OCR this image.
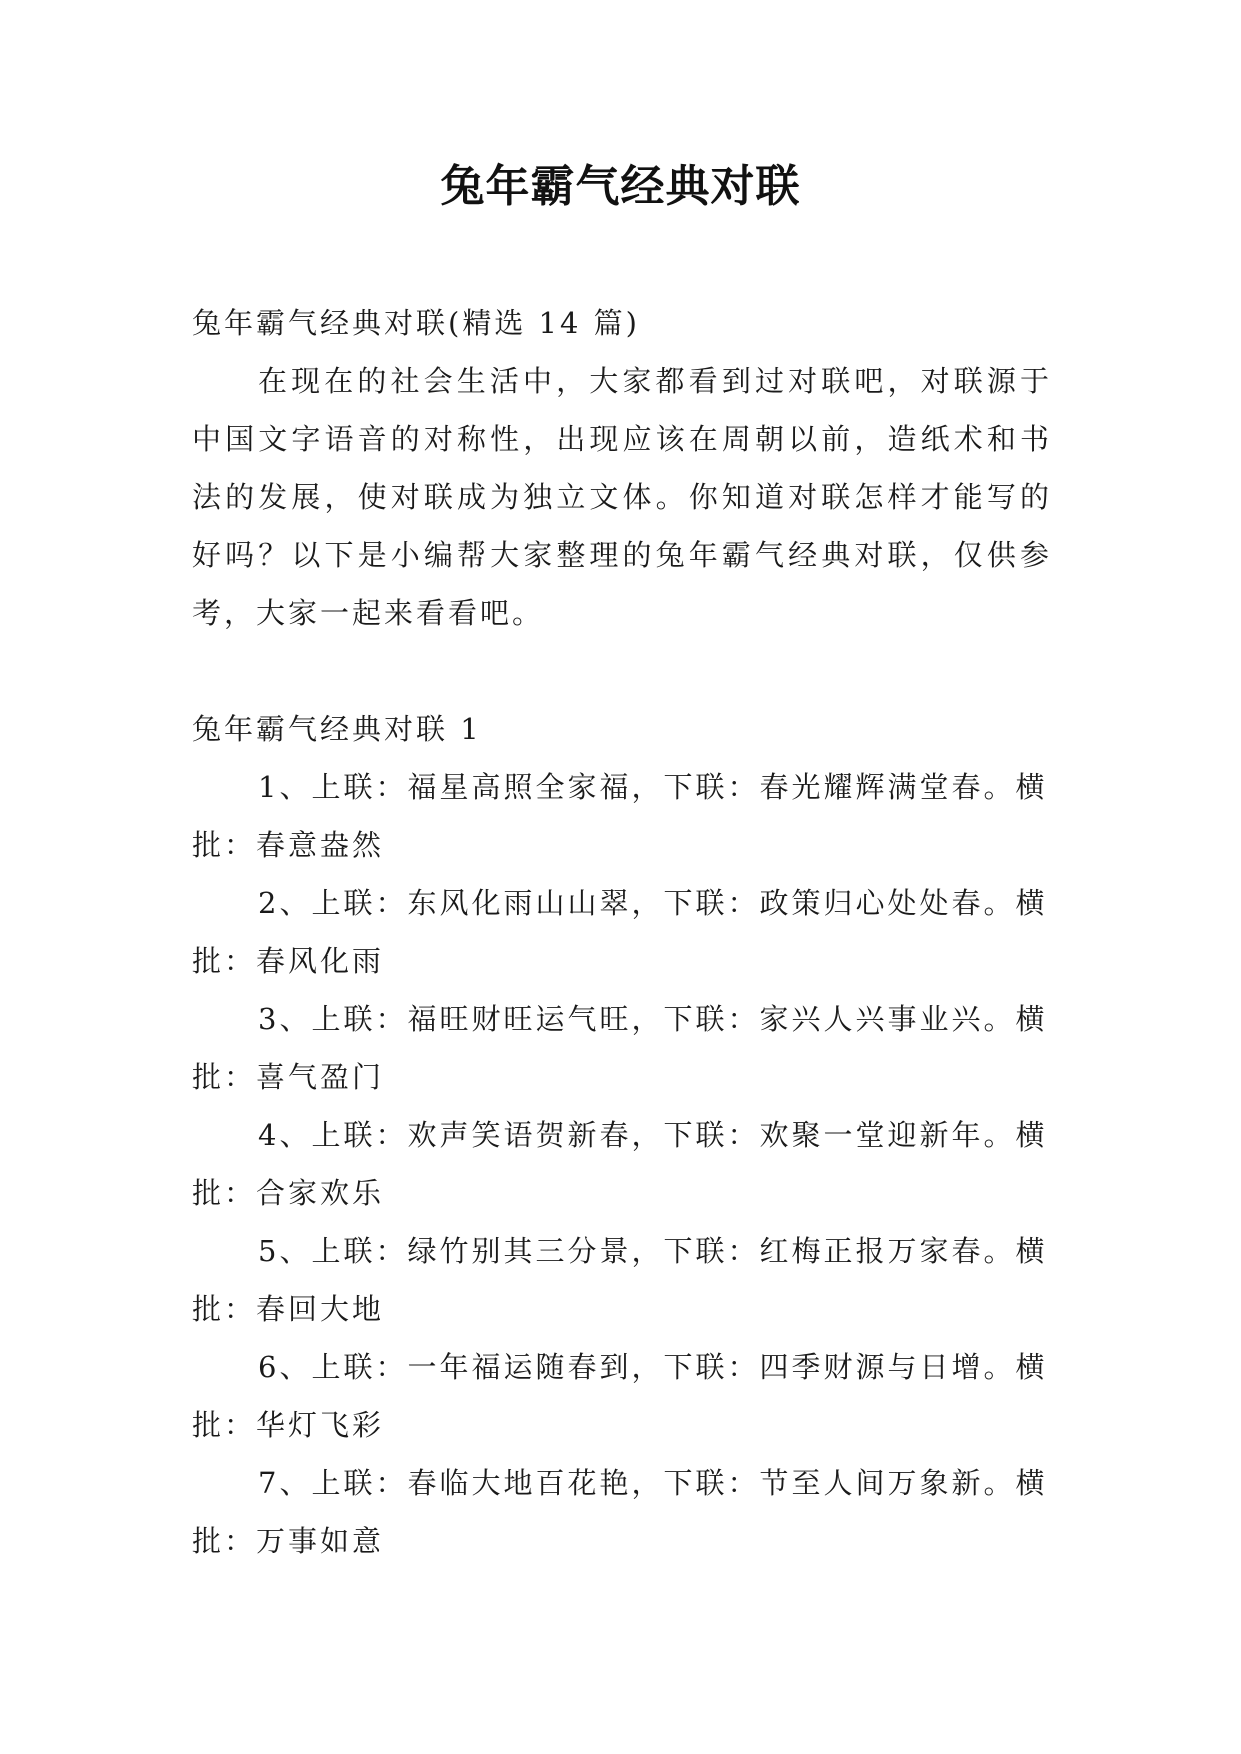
兔年霸气经典对联

兔年霸气经典对联(精选 14 篇)

在现在的社会生活中，大家都看到过对联吧，对联源于中国文字语音的对称性，出现应该在周朝以前，造纸术和书法的发展，使对联成为独立文体。你知道对联怎样才能写的好吗？以下是小编帮大家整理的兔年霸气经典对联，仅供参考，大家一起来看看吧。

兔年霸气经典对联 1

1、上联：福星高照全家福，下联：春光耀辉满堂春。横批：春意盎然

2、上联：东风化雨山山翠，下联：政策归心处处春。横批：春风化雨

3、上联：福旺财旺运气旺，下联：家兴人兴事业兴。横批：喜气盈门

4、上联：欢声笑语贺新春，下联：欢聚一堂迎新年。横批：合家欢乐

5、上联：绿竹别其三分景，下联：红梅正报万家春。横批：春回大地

6、上联：一年福运随春到，下联：四季财源与日增。横批：华灯飞彩

7、上联：春临大地百花艳，下联：节至人间万象新。横批：万事如意
